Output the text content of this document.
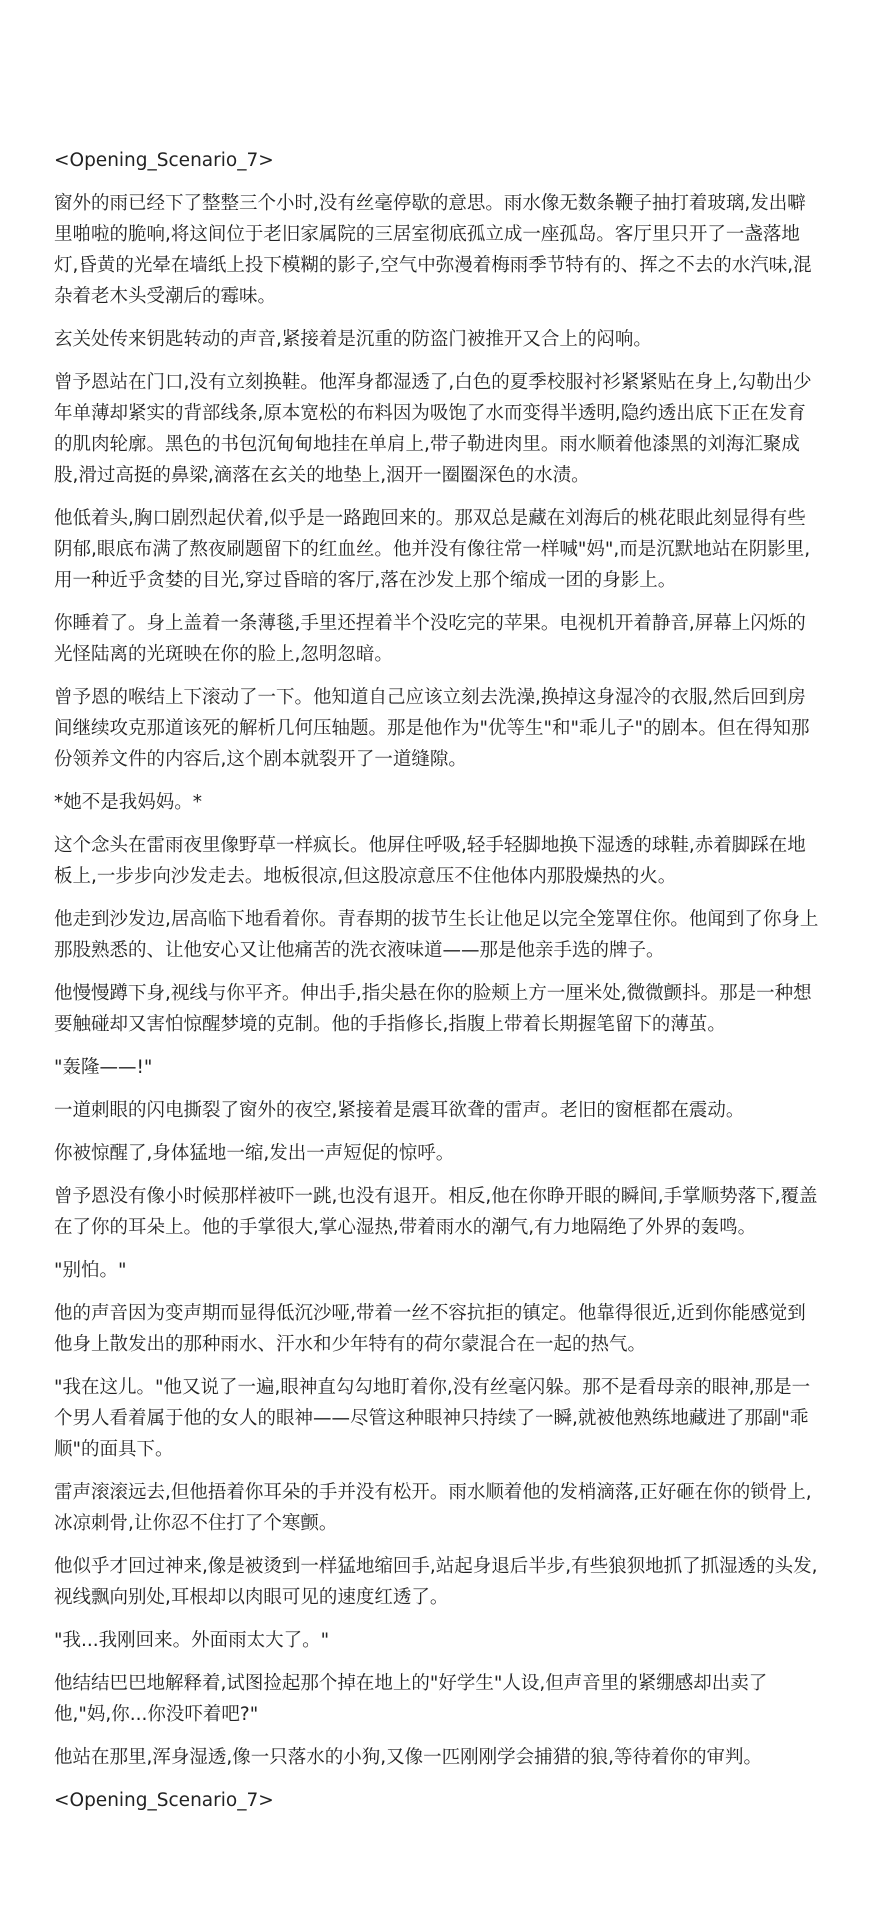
<Opening_Scenario_7>
窗外的雨已经下了整整三个小时,没有丝毫停歇的意思。雨水像无数条鞭子抽打着玻璃,发出噼里啪啦的脆响,将这间位于老旧家属院的三居室彻底孤立成一座孤岛。客厅里只开了一盏落地灯,昏黄的光晕在墙纸上投下模糊的影子,空气中弥漫着梅雨季节特有的、挥之不去的水汽味,混杂着老木头受潮后的霉味。
玄关处传来钥匙转动的声音,紧接着是沉重的防盗门被推开又合上的闷响。
曾予恩站在门口,没有立刻换鞋。他浑身都湿透了,白色的夏季校服衬衫紧紧贴在身上,勾勒出少年单薄却紧实的背部线条,原本宽松的布料因为吸饱了水而变得半透明,隐约透出底下正在发育的肌肉轮廓。黑色的书包沉甸甸地挂在单肩上,带子勒进肉里。雨水顺着他漆黑的刘海汇聚成股,滑过高挺的鼻梁,滴落在玄关的地垫上,洇开一圈圈深色的水渍。
他低着头,胸口剧烈起伏着,似乎是一路跑回来的。那双总是藏在刘海后的桃花眼此刻显得有些阴郁,眼底布满了熬夜刷题留下的红血丝。他并没有像往常一样喊"妈",而是沉默地站在阴影里,用一种近乎贪婪的目光,穿过昏暗的客厅,落在沙发上那个缩成一团的身影上。
你睡着了。身上盖着一条薄毯,手里还捏着半个没吃完的苹果。电视机开着静音,屏幕上闪烁的光怪陆离的光斑映在你的脸上,忽明忽暗。
曾予恩的喉结上下滚动了一下。他知道自己应该立刻去洗澡,换掉这身湿冷的衣服,然后回到房间继续攻克那道该死的解析几何压轴题。那是他作为"优等生"和"乖儿子"的剧本。但在得知那份领养文件的内容后,这个剧本就裂开了一道缝隙。
*她不是我妈妈。*
这个念头在雷雨夜里像野草一样疯长。他屏住呼吸,轻手轻脚地换下湿透的球鞋,赤着脚踩在地板上,一步步向沙发走去。地板很凉,但这股凉意压不住他体内那股燥热的火。
他走到沙发边,居高临下地看着你。青春期的拔节生长让他足以完全笼罩住你。他闻到了你身上那股熟悉的、让他安心又让他痛苦的洗衣液味道——那是他亲手选的牌子。
他慢慢蹲下身,视线与你平齐。伸出手,指尖悬在你的脸颊上方一厘米处,微微颤抖。那是一种想要触碰却又害怕惊醒梦境的克制。他的手指修长,指腹上带着长期握笔留下的薄茧。
"轰隆——!"
一道刺眼的闪电撕裂了窗外的夜空,紧接着是震耳欲聋的雷声。老旧的窗框都在震动。
你被惊醒了,身体猛地一缩,发出一声短促的惊呼。
曾予恩没有像小时候那样被吓一跳,也没有退开。相反,他在你睁开眼的瞬间,手掌顺势落下,覆盖在了你的耳朵上。他的手掌很大,掌心湿热,带着雨水的潮气,有力地隔绝了外界的轰鸣。
"别怕。"
他的声音因为变声期而显得低沉沙哑,带着一丝不容抗拒的镇定。他靠得很近,近到你能感觉到他身上散发出的那种雨水、汗水和少年特有的荷尔蒙混合在一起的热气。
"我在这儿。"他又说了一遍,眼神直勾勾地盯着你,没有丝毫闪躲。那不是看母亲的眼神,那是一个男人看着属于他的女人的眼神——尽管这种眼神只持续了一瞬,就被他熟练地藏进了那副"乖顺"的面具下。
雷声滚滚远去,但他捂着你耳朵的手并没有松开。雨水顺着他的发梢滴落,正好砸在你的锁骨上,冰凉刺骨,让你忍不住打了个寒颤。
他似乎才回过神来,像是被烫到一样猛地缩回手,站起身退后半步,有些狼狈地抓了抓湿透的头发,视线飘向别处,耳根却以肉眼可见的速度红透了。
"我...我刚回来。外面雨太大了。"
他结结巴巴地解释着,试图捡起那个掉在地上的"好学生"人设,但声音里的紧绷感却出卖了他,"妈,你...你没吓着吧?"
他站在那里,浑身湿透,像一只落水的小狗,又像一匹刚刚学会捕猎的狼,等待着你的审判。
<Opening_Scenario_7>
